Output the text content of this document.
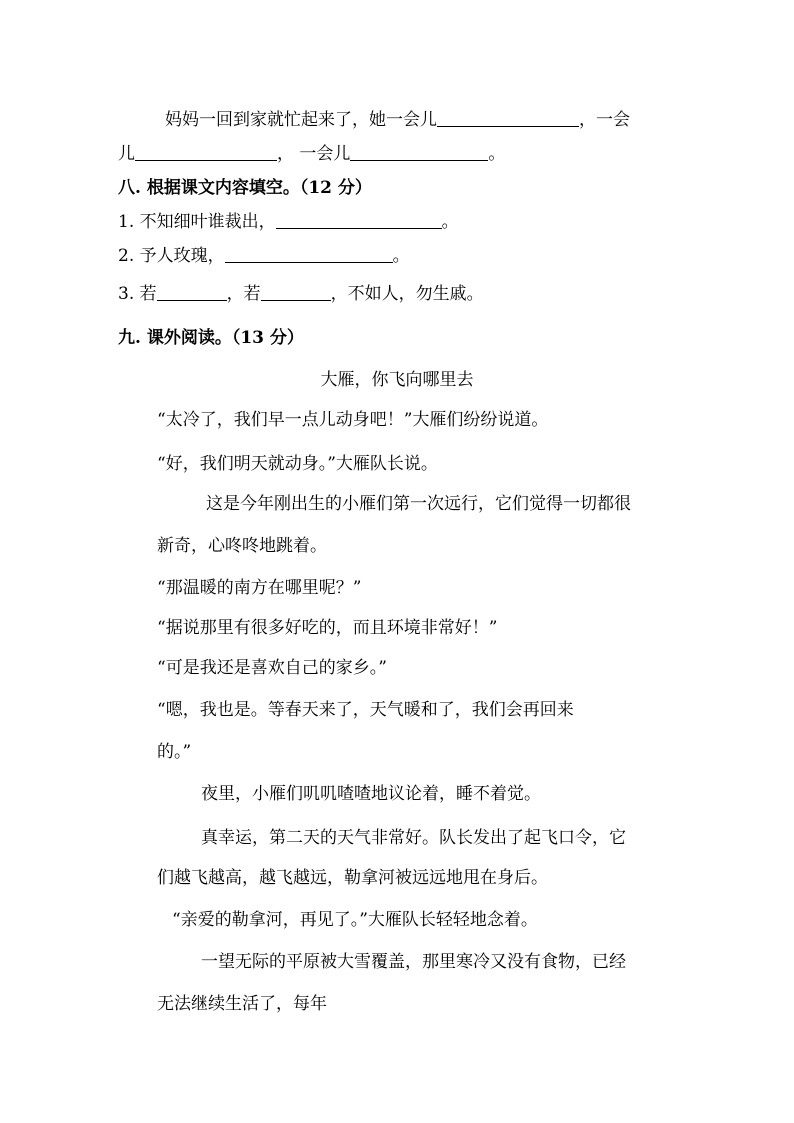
妈妈一回到家就忙起来了，她一会儿	，一会
儿	， 一会儿	。
八. 根据课文内容填空。（12 分）
1. 不知细叶谁裁出，	。
2. 予人玫瑰，	。
3. 若	，若	，不如人，勿生戚。
九. 课外阅读。（13 分）
大雁，你飞向哪里去
“太冷了，我们早一点儿动身吧！”大雁们纷纷说道。
“好，我们明天就动身。”大雁队长说。
这是今年刚出生的小雁们第一次远行，它们觉得一切都很
新奇，心咚咚地跳着。
“那温暖的南方在哪里呢？”
“据说那里有很多好吃的，而且环境非常好！”
“可是我还是喜欢自己的家乡。”
“嗯，我也是。等春天来了，天气暖和了，我们会再回来
的。”
夜里，小雁们叽叽喳喳地议论着，睡不着觉。
真幸运，第二天的天气非常好。队长发出了起飞口令，它
们越飞越高，越飞越远，勒拿河被远远地甩在身后。
“亲爱的勒拿河，再见了。”大雁队长轻轻地念着。
一望无际的平原被大雪覆盖，那里寒冷又没有食物，已经
无法继续生活了，每年
